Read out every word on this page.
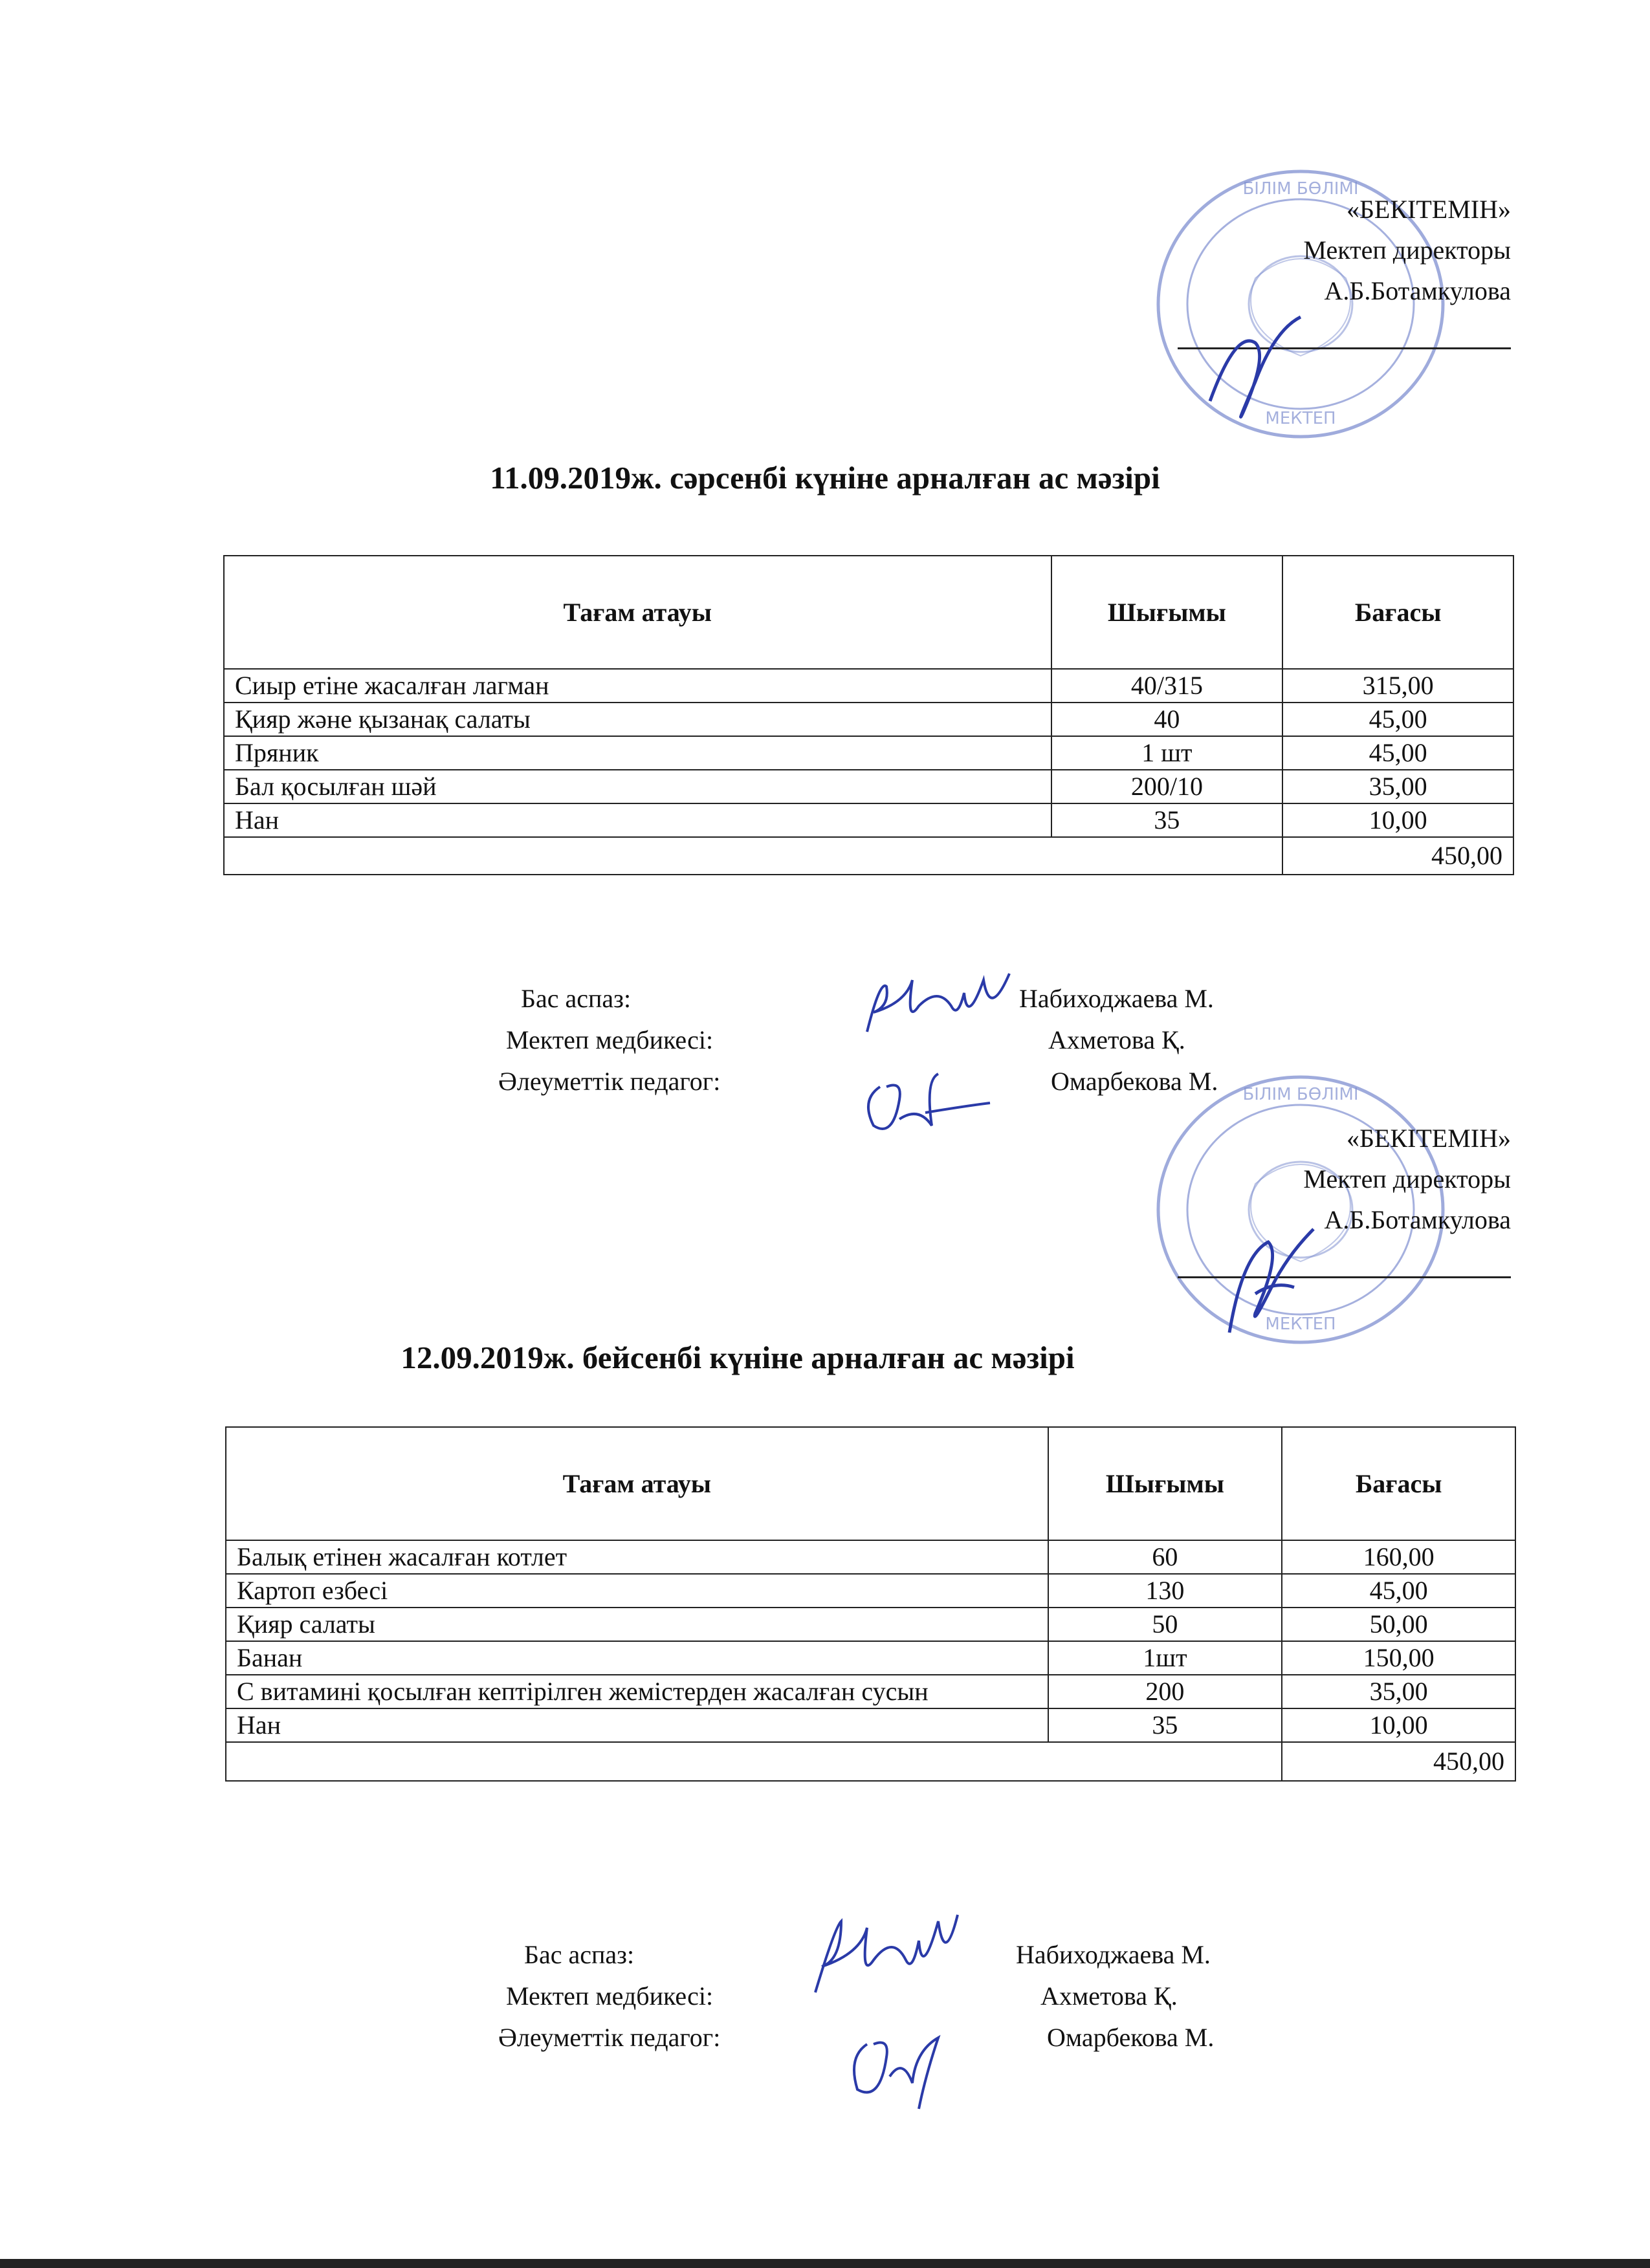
БІЛІМ БӨЛІМІ
МЕКТЕП
«БЕКІТЕМІН»
Мектеп директоры
А.Б.Ботамкулова
11.09.2019ж. сәрсенбі күніне арналған ас мәзірі
Тағам атауы	Шығымы	Бағасы
Сиыр етіне жасалған лагман	40/315	315,00
Қияр және қызанақ салаты	40	45,00
Пряник	1 шт	45,00
Бал қосылған шәй	200/10	35,00
Нан	35	10,00
		450,00
Бас аспаз:	Набиходжаева М.
Мектеп медбикесі:	Ахметова Қ.
Әлеуметтік педагог:	Омарбекова М. БІЛІМ БӨЛІМІ
МЕКТЕП
«БЕКІТЕМІН»
Мектеп директоры
А.Б.Ботамкулова
12.09.2019ж. бейсенбі күніне арналған ас мәзірі
Тағам атауы	Шығымы	Бағасы
Балық етінен жасалған котлет	60	160,00
Картоп езбесі	130	45,00
Қияр салаты	50	50,00
Банан	1шт	150,00
С витамині қосылған кептірілген жемістерден жасалған сусын	200	35,00
Нан	35	10,00
		450,00
Бас аспаз:	Набиходжаева М.
Мектеп медбикесі:	Ахметова Қ.
Әлеуметтік педагог:	Омарбекова М.
